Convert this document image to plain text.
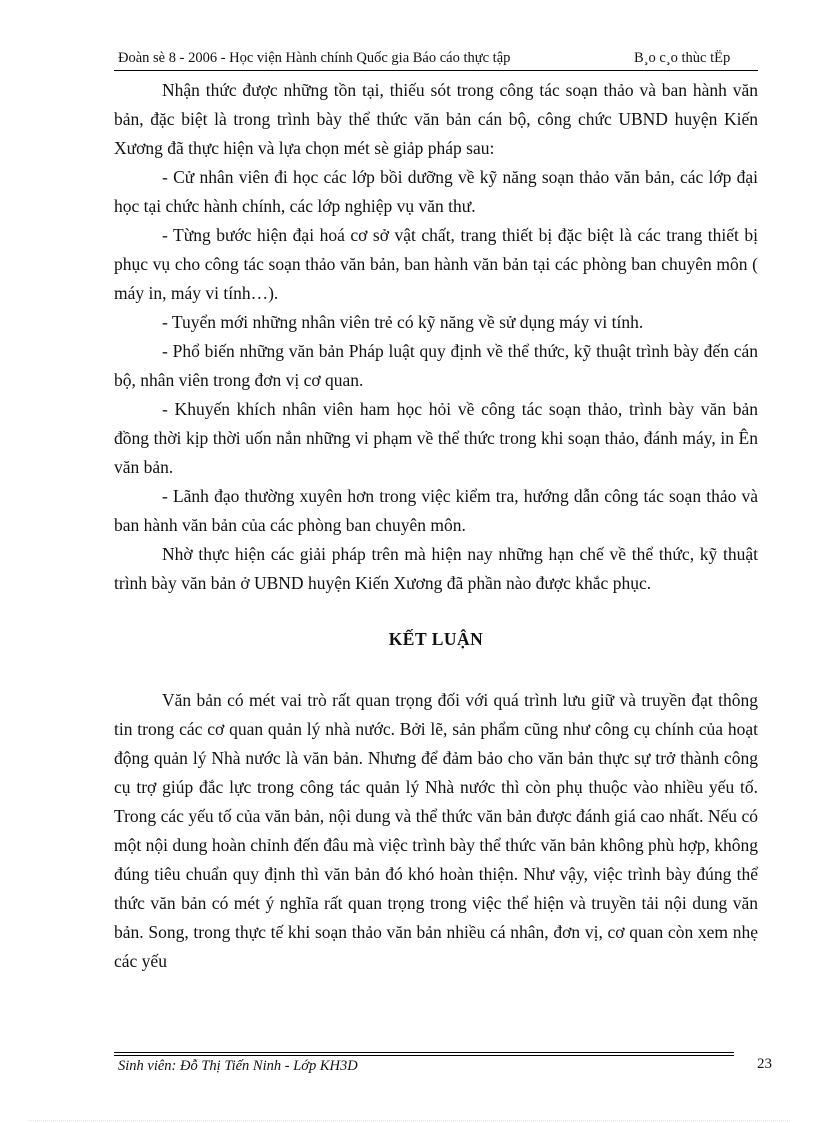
Đoàn sè 8 - 2006 - Học viện Hành chính Quốc gia Báo cáo thực tập	B¸o c¸o thùc tËp

Nhận thức được những tồn tại, thiếu sót trong công tác soạn thảo và ban hành văn bản, đặc biệt là trong trình bày thể thức văn bản cán bộ, công chức UBND huyện Kiến Xương đã thực hiện và lựa chọn mét sè giảp pháp sau:

- Cử nhân viên đi học các lớp bồi dưỡng về kỹ năng soạn thảo văn bản, các lớp đại học tại chức hành chính, các lớp nghiệp vụ văn thư.

- Từng bước hiện đại hoá cơ sở vật chất, trang thiết bị đặc biệt là các trang thiết bị phục vụ cho công tác soạn thảo văn bản, ban hành văn bản tại các phòng ban chuyên môn ( máy in, máy vi tính…).

- Tuyển mới những nhân viên trẻ có kỹ năng về sử dụng máy vi tính.

- Phổ biến những văn bản Pháp luật quy định về thể thức, kỹ thuật trình bày đến cán bộ, nhân viên trong đơn vị cơ quan.

- Khuyến khích nhân viên ham học hỏi về công tác soạn thảo, trình bày văn bản đồng thời kịp thời uốn nắn những vi phạm về thể thức trong khi soạn thảo, đánh máy, in Ên văn bản.

- Lãnh đạo thường xuyên hơn trong việc kiểm tra, hướng dẫn công tác soạn thảo và ban hành văn bản của các phòng ban chuyên môn.

Nhờ thực hiện các giải pháp trên mà hiện nay những hạn chế về thể thức, kỹ thuật trình bày văn bản ở UBND huyện Kiến Xương đã phần nào được khắc phục.

KẾT LUẬN

Văn bản có mét vai trò rất quan trọng đối với quá trình lưu giữ và truyền đạt thông tin trong các cơ quan quản lý nhà nước. Bởi lẽ, sản phẩm cũng như công cụ chính của hoạt động quản lý Nhà nước là văn bản. Nhưng để đảm bảo cho văn bản thực sự trở thành công cụ trợ giúp đắc lực trong công tác quản lý Nhà nước thì còn phụ thuộc vào nhiều yếu tố. Trong các yếu tố của văn bản, nội dung và thể thức văn bản được đánh giá cao nhất. Nếu có một nội dung hoàn chỉnh đến đâu mà việc trình bày thể thức văn bản không phù hợp, không đúng tiêu chuẩn quy định thì văn bản đó khó hoàn thiện. Như vậy, việc trình bày đúng thể thức văn bản có mét ý nghĩa rất quan trọng trong việc thể hiện và truyền tải nội dung văn bản. Song, trong thực tế khi soạn thảo văn bản nhiều cá nhân, đơn vị, cơ quan còn xem nhẹ các yếu

Sinh viên: Đỗ Thị Tiến Ninh - Lớp KH3D	23
